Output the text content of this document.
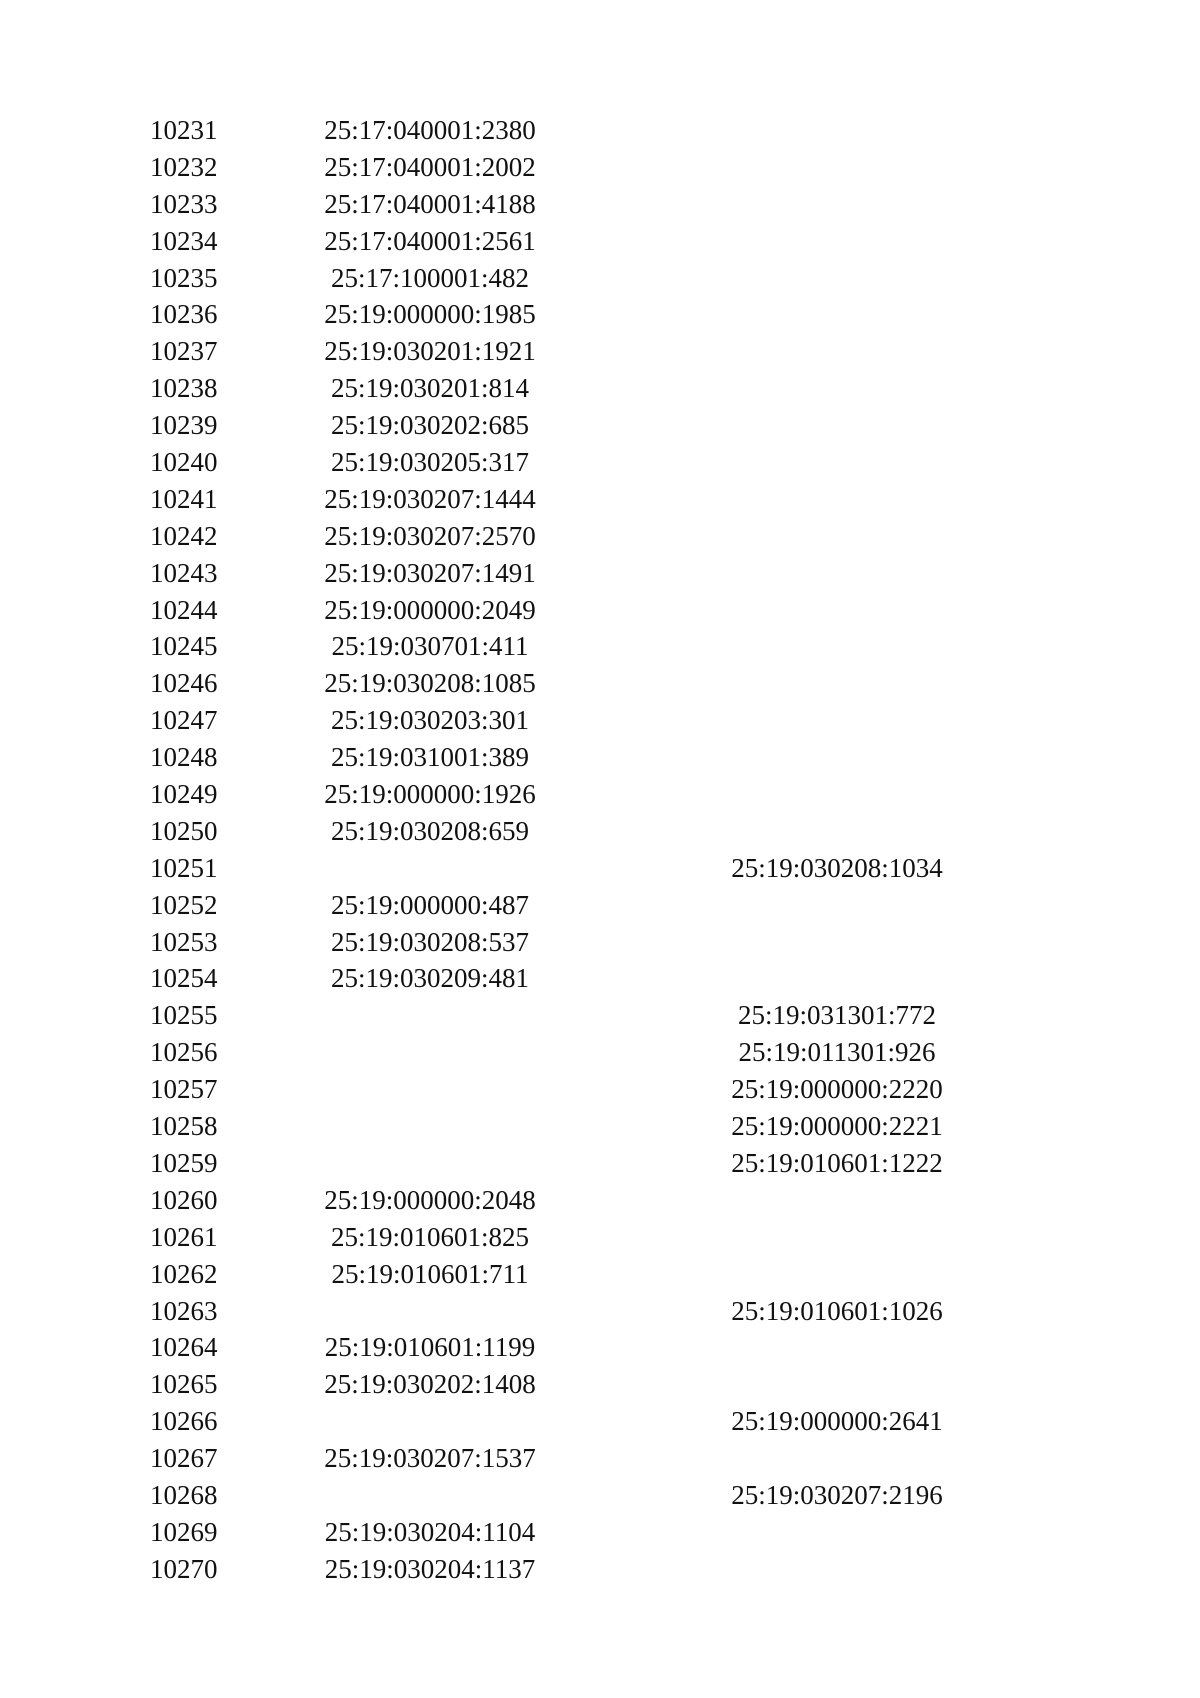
10231	25:17:040001:2380
10232	25:17:040001:2002
10233	25:17:040001:4188
10234	25:17:040001:2561
10235	25:17:100001:482
10236	25:19:000000:1985
10237	25:19:030201:1921
10238	25:19:030201:814
10239	25:19:030202:685
10240	25:19:030205:317
10241	25:19:030207:1444
10242	25:19:030207:2570
10243	25:19:030207:1491
10244	25:19:000000:2049
10245	25:19:030701:411
10246	25:19:030208:1085
10247	25:19:030203:301
10248	25:19:031001:389
10249	25:19:000000:1926
10250	25:19:030208:659
10251	25:19:030208:1034
10252	25:19:000000:487
10253	25:19:030208:537
10254	25:19:030209:481
10255	25:19:031301:772
10256	25:19:011301:926
10257	25:19:000000:2220
10258	25:19:000000:2221
10259	25:19:010601:1222
10260	25:19:000000:2048
10261	25:19:010601:825
10262	25:19:010601:711
10263	25:19:010601:1026
10264	25:19:010601:1199
10265	25:19:030202:1408
10266	25:19:000000:2641
10267	25:19:030207:1537
10268	25:19:030207:2196
10269	25:19:030204:1104
10270	25:19:030204:1137
